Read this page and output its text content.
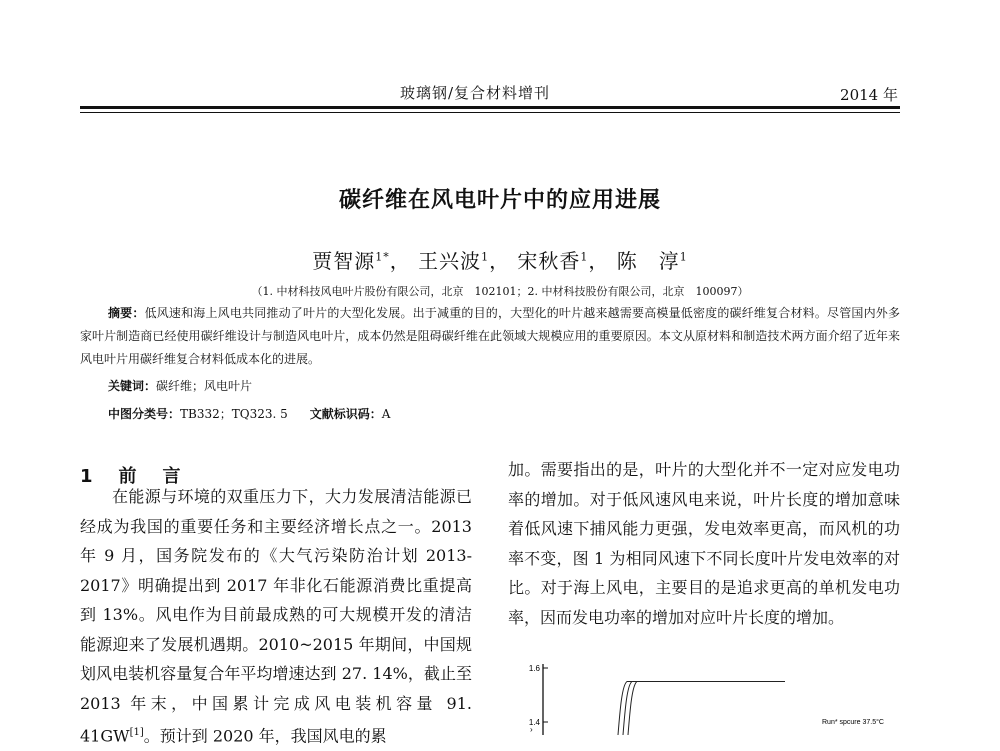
玻璃钢/复合材料增刊	2014 年
碳纤维在风电叶片中的应用进展
贾智源$^{1*}$， 王兴波$^1$， 宋秋香$^1$， 陈　淳$^1$
（1. 中材科技风电叶片股份有限公司，北京　102101；2. 中材科技股份有限公司，北京　100097）
摘要：低风速和海上风电共同推动了叶片的大型化发展。出于减重的目的，大型化的叶片越来越需要高模量低密度的碳纤维复合材料。尽管国内外多家叶片制造商已经使用碳纤维设计与制造风电叶片，成本仍然是阻碍碳纤维在此领域大规模应用的重要原因。本文从原材料和制造技术两方面介绍了近年来风电叶片用碳纤维复合材料低成本化的进展。
关键词：碳纤维；风电叶片
中图分类号：TB332；TQ323. 5 文献标识码：A
1　前　言
在能源与环境的双重压力下，大力发展清洁能源已经成为我国的重要任务和主要经济增长点之一。2013 年 9 月，国务院发布的《大气污染防治计划 2013-2017》明确提出到 2017 年非化石能源消费比重提高到 13%。风电作为目前最成熟的可大规模开发的清洁能源迎来了发展机遇期。2010~2015 年期间，中国规划风电装机容量复合年平均增速达到 27. 14%，截止至 2013 年末，中国累计完成风电装机容量 91. 41GW[1]。预计到 2020 年，我国风电的累
加。需要指出的是，叶片的大型化并不一定对应发电功率的增加。对于低风速风电来说，叶片长度的增加意味着低风速下捕风能力更强，发电效率更高，而风机的功率不变，图 1 为相同风速下不同长度叶片发电效率的对比。对于海上风电，主要目的是追求更高的单机发电功率，因而发电功率的增加对应叶片长度的增加。
1.6
1.4	Run* spcure 37.5°C
›
